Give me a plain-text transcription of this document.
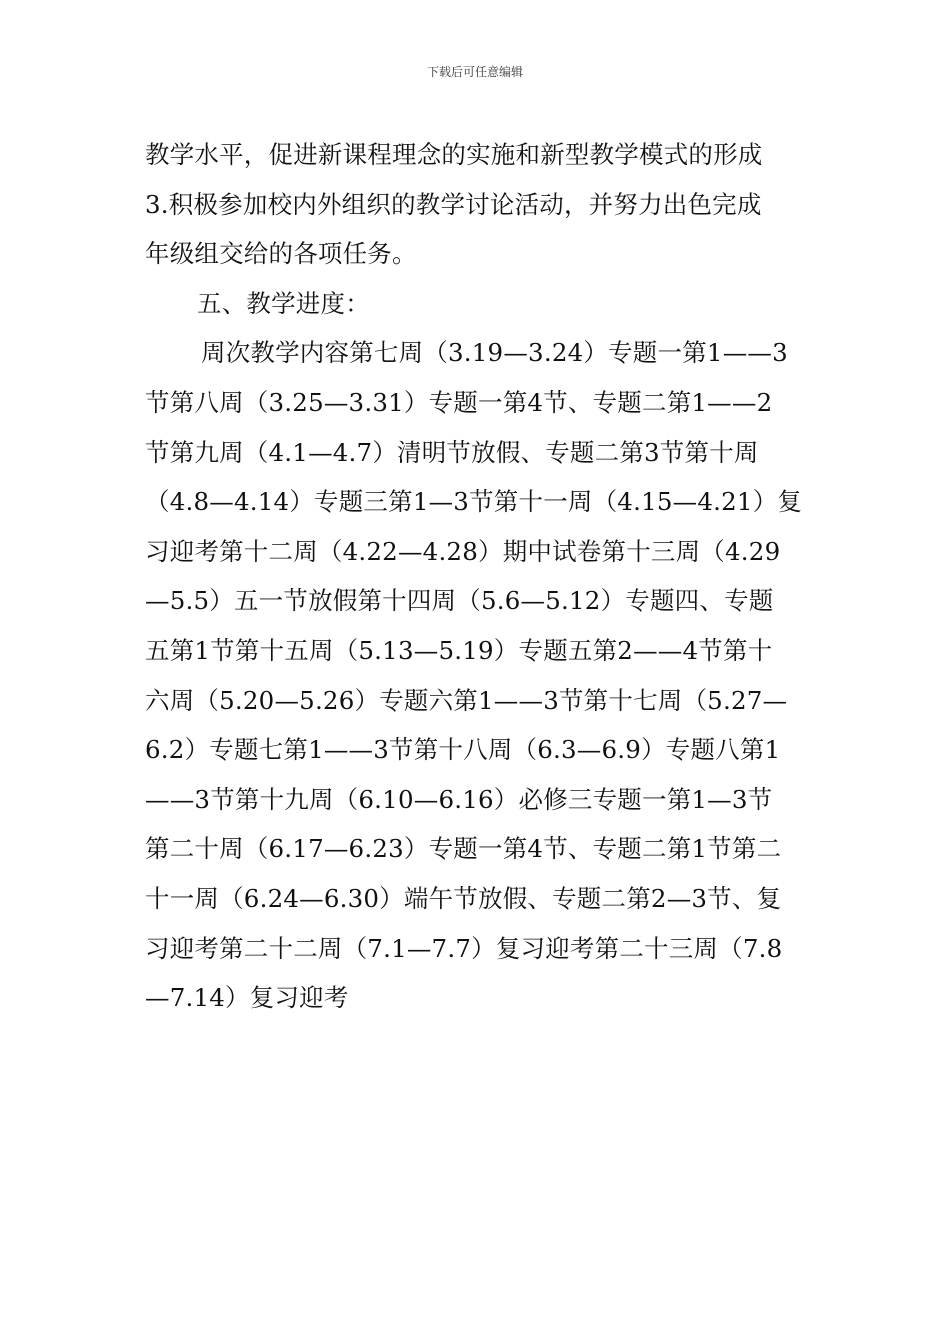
下载后可任意编辑
教学水平，促进新课程理念的实施和新型教学模式的形成
3.积极参加校内外组织的教学讨论活动，并努力出色完成
年级组交给的各项任务。
五、教学进度：
周次教学内容第七周（3.19—3.24）专题一第1——3
节第八周（3.25—3.31）专题一第4节、专题二第1——2
节第九周（4.1—4.7）清明节放假、专题二第3节第十周
（4.8—4.14）专题三第1—3节第十一周（4.15—4.21）复
习迎考第十二周（4.22—4.28）期中试卷第十三周（4.29
—5.5）五一节放假第十四周（5.6—5.12）专题四、专题
五第1节第十五周（5.13—5.19）专题五第2——4节第十
六周（5.20—5.26）专题六第1——3节第十七周（5.27—
6.2）专题七第1——3节第十八周（6.3—6.9）专题八第1
——3节第十九周（6.10—6.16）必修三专题一第1—3节
第二十周（6.17—6.23）专题一第4节、专题二第1节第二
十一周（6.24—6.30）端午节放假、专题二第2—3节、复
习迎考第二十二周（7.1—7.7）复习迎考第二十三周（7.8
—7.14）复习迎考
